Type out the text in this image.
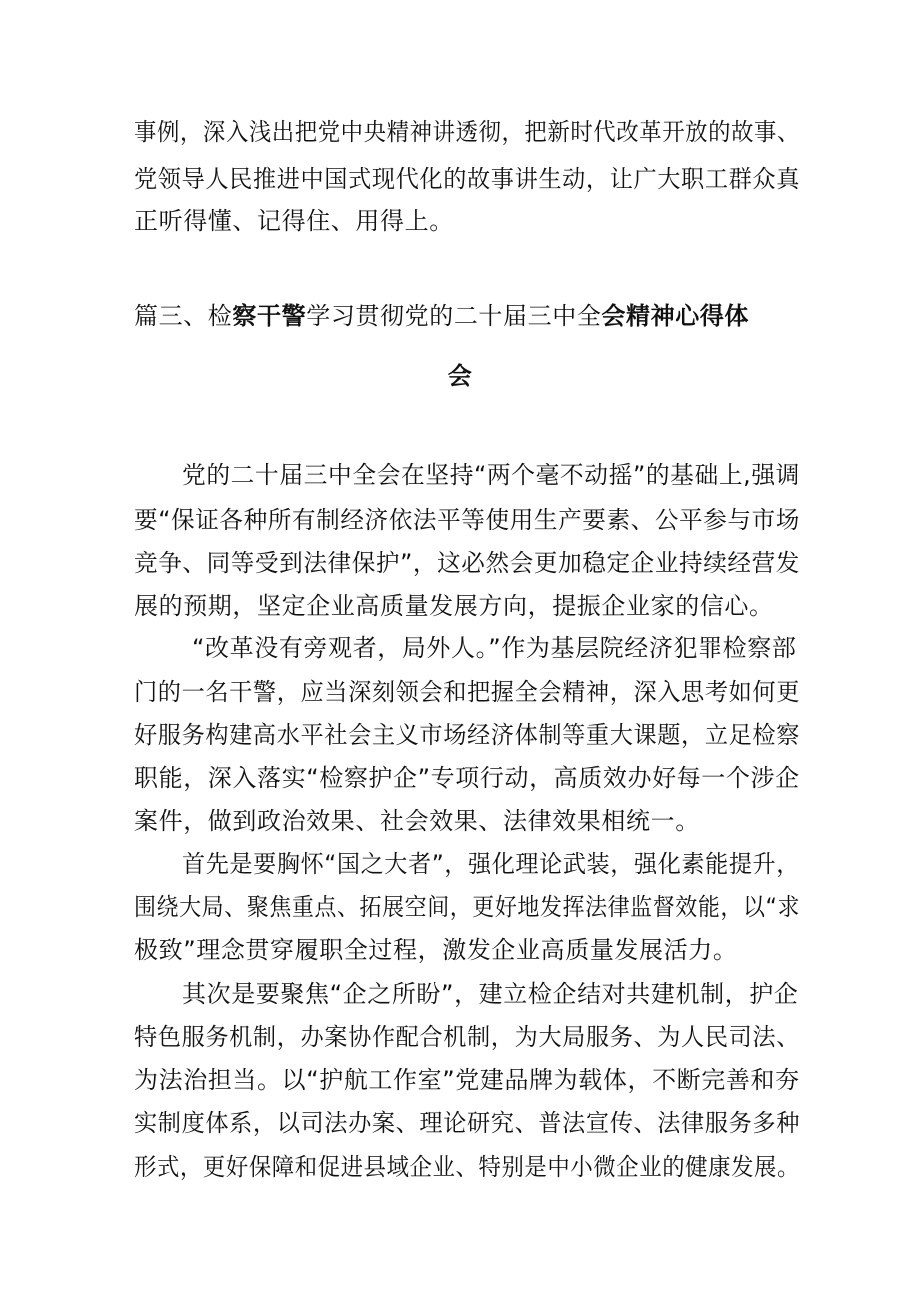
事例，深入浅出把党中央精神讲透彻，把新时代改革开放的故事、
党领导人民推进中国式现代化的故事讲生动，让广大职工群众真
正听得懂、记得住、用得上。
篇三、检察干警学习贯彻党的二十届三中全会精神心得体
会
党的二十届三中全会在坚持“两个毫不动摇”的基础上,强调
要“保证各种所有制经济依法平等使用生产要素、公平参与市场
竞争、同等受到法律保护”，这必然会更加稳定企业持续经营发
展的预期，坚定企业高质量发展方向，提振企业家的信心。
“改革没有旁观者，局外人。”作为基层院经济犯罪检察部
门的一名干警，应当深刻领会和把握全会精神，深入思考如何更
好服务构建高水平社会主义市场经济体制等重大课题，立足检察
职能，深入落实“检察护企”专项行动，高质效办好每一个涉企
案件，做到政治效果、社会效果、法律效果相统一。
首先是要胸怀“国之大者”，强化理论武装，强化素能提升，
围绕大局、聚焦重点、拓展空间，更好地发挥法律监督效能，以“求
极致”理念贯穿履职全过程，激发企业高质量发展活力。
其次是要聚焦“企之所盼”，建立检企结对共建机制，护企
特色服务机制，办案协作配合机制，为大局服务、为人民司法、
为法治担当。以“护航工作室”党建品牌为载体，不断完善和夯
实制度体系，以司法办案、理论研究、普法宣传、法律服务多种
形式，更好保障和促进县域企业、特别是中小微企业的健康发展。
